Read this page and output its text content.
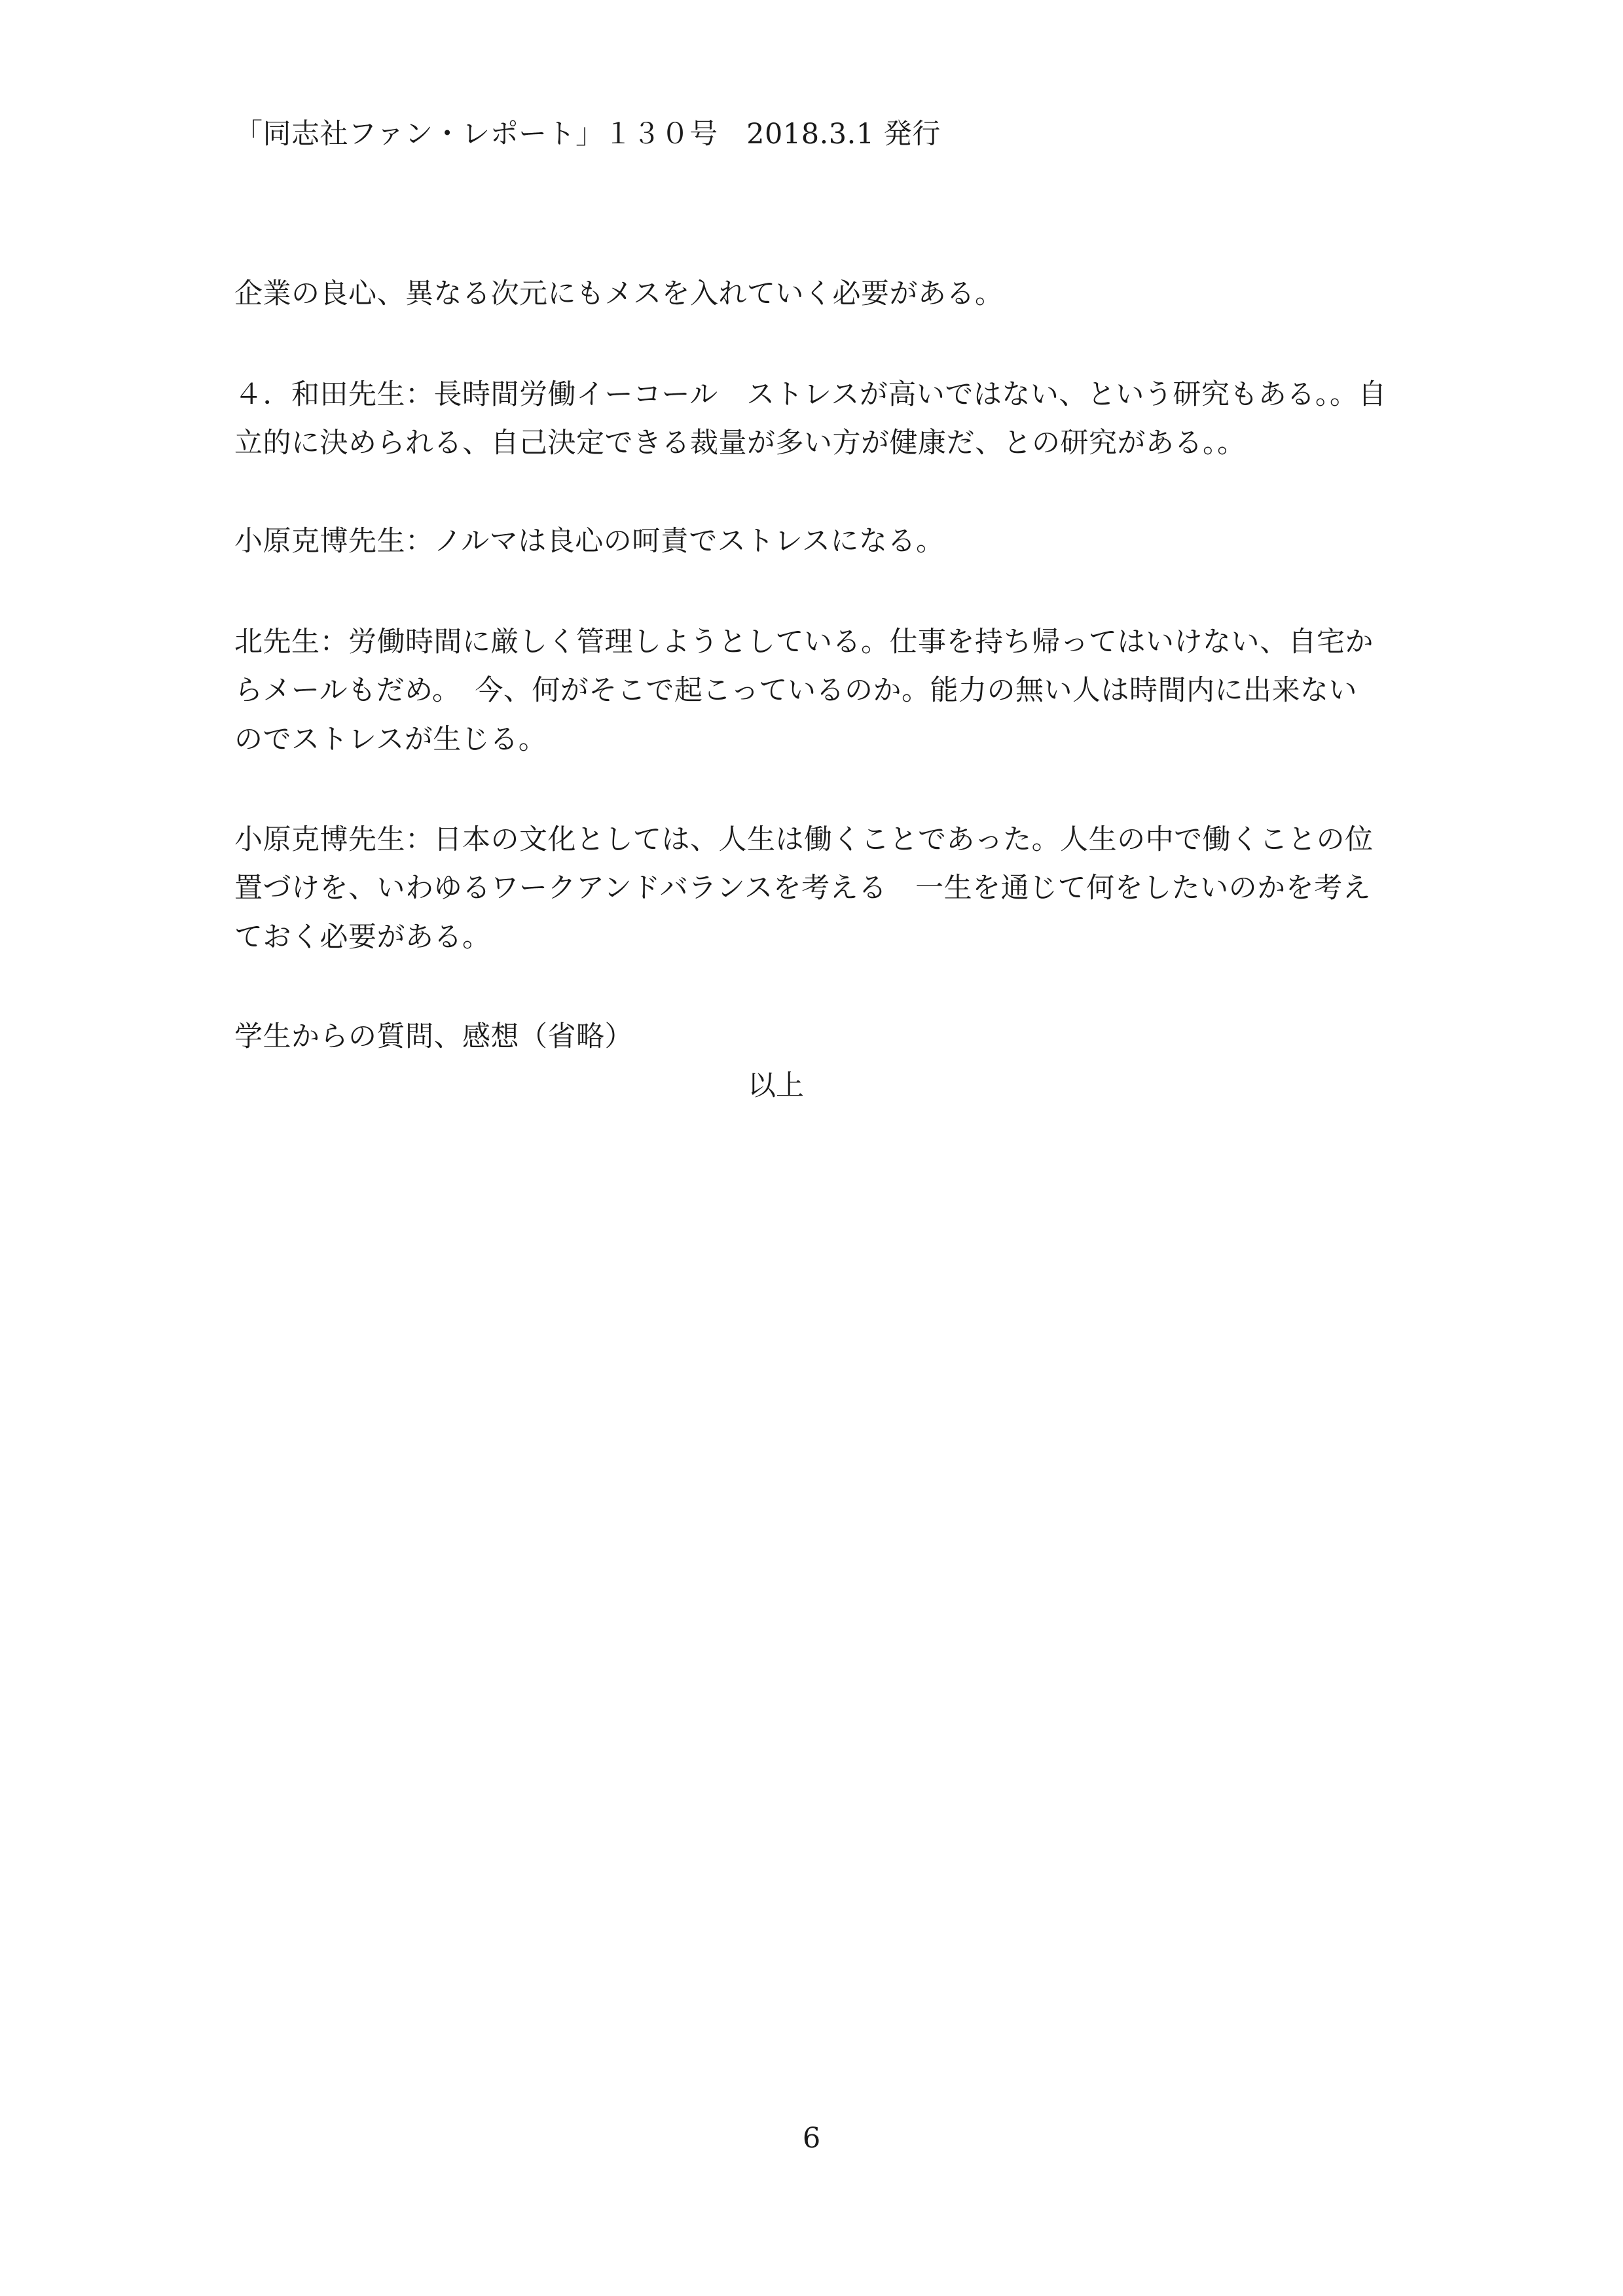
「同志社ファン・レポート」１３０号　2018.3.1 発行
企業の良心、異なる次元にもメスを入れていく必要がある。
４．和田先生：長時間労働イーコール　ストレスが高いではない、という研究もある。。自
立的に決められる、自己決定できる裁量が多い方が健康だ、との研究がある。。
小原克博先生：ノルマは良心の呵責でストレスになる。
北先生：労働時間に厳しく管理しようとしている。仕事を持ち帰ってはいけない、自宅か
らメールもだめ。　今、何がそこで起こっているのか。能力の無い人は時間内に出来ない
のでストレスが生じる。
小原克博先生：日本の文化としては、人生は働くことであった。人生の中で働くことの位
置づけを、いわゆるワークアンドバランスを考える　一生を通じて何をしたいのかを考え
ておく必要がある。
学生からの質問、感想（省略）
以上
6
